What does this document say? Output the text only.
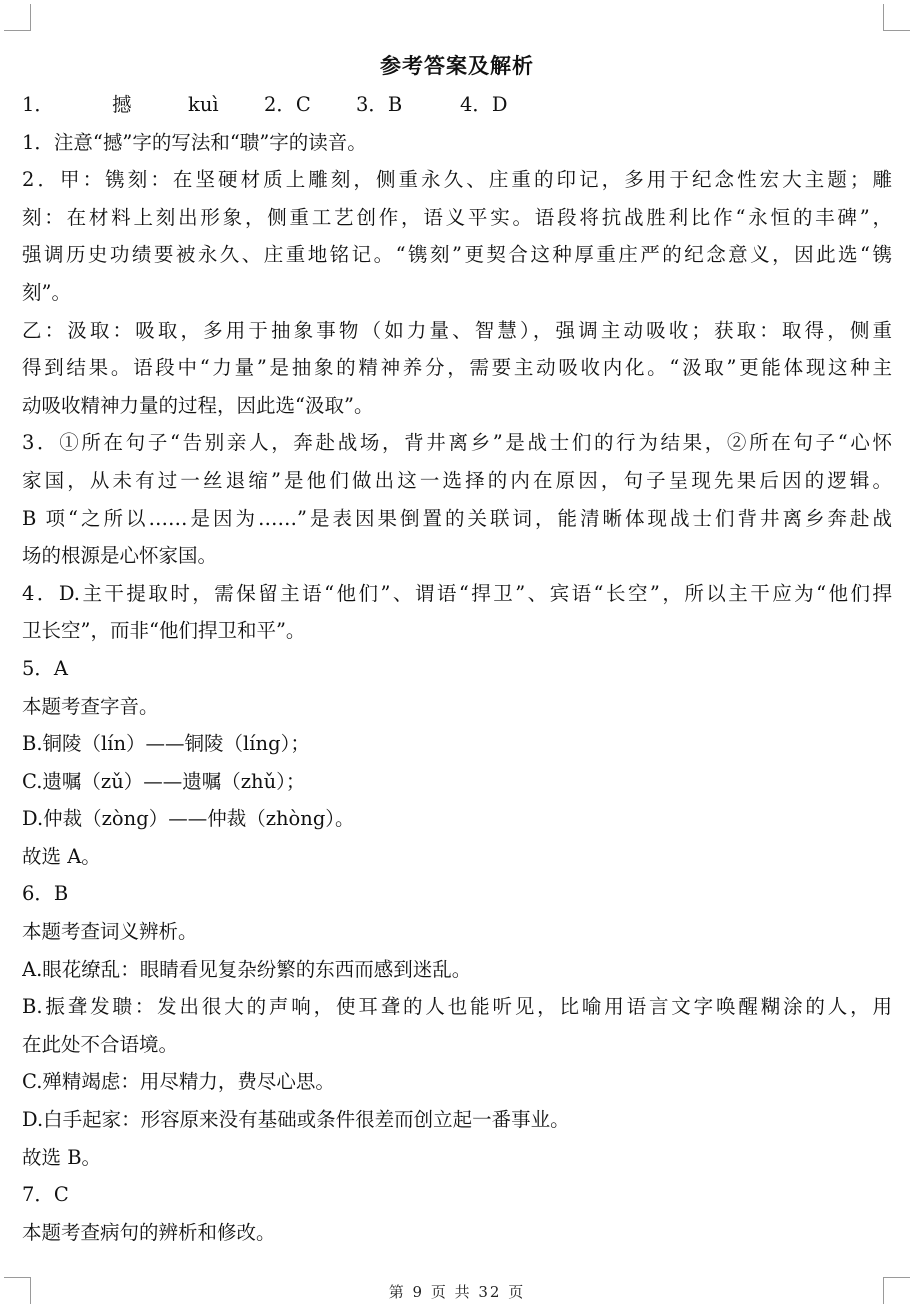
参考答案及解析
1．	撼	kuì	2．C	3．B	4．D
1．注意“撼”字的写法和“聩”字的读音。
2．甲：镌刻：在坚硬材质上雕刻，侧重永久、庄重的印记，多用于纪念性宏大主题；雕
刻：在材料上刻出形象，侧重工艺创作，语义平实。语段将抗战胜利比作“永恒的丰碑”，
强调历史功绩要被永久、庄重地铭记。“镌刻”更契合这种厚重庄严的纪念意义，因此选“镌
刻”。
乙：汲取：吸取，多用于抽象事物（如力量、智慧），强调主动吸收；获取：取得，侧重
得到结果。语段中“力量”是抽象的精神养分，需要主动吸收内化。“汲取”更能体现这种主
动吸收精神力量的过程，因此选“汲取”。
3．①所在句子“告别亲人，奔赴战场，背井离乡”是战士们的行为结果，②所在句子“心怀
家国，从未有过一丝退缩”是他们做出这一选择的内在原因，句子呈现先果后因的逻辑。
B 项“之所以……是因为……”是表因果倒置的关联词，能清晰体现战士们背井离乡奔赴战
场的根源是心怀家国。
4．D.主干提取时，需保留主语“他们”、谓语“捍卫”、宾语“长空”，所以主干应为“他们捍
卫长空”，而非“他们捍卫和平”。
5．A
本题考查字音。
B.铜陵（lín）——铜陵（líng）；
C.遗嘱（zǔ）——遗嘱（zhǔ）；
D.仲裁（zòng）——仲裁（zhòng）。
故选 A。
6．B
本题考查词义辨析。
A.眼花缭乱：眼睛看见复杂纷繁的东西而感到迷乱。
B.振聋发聩：发出很大的声响，使耳聋的人也能听见，比喻用语言文字唤醒糊涂的人，用
在此处不合语境。
C.殚精竭虑：用尽精力，费尽心思。
D.白手起家：形容原来没有基础或条件很差而创立起一番事业。
故选 B。
7．C
本题考查病句的辨析和修改。
第 9 页 共 32 页
